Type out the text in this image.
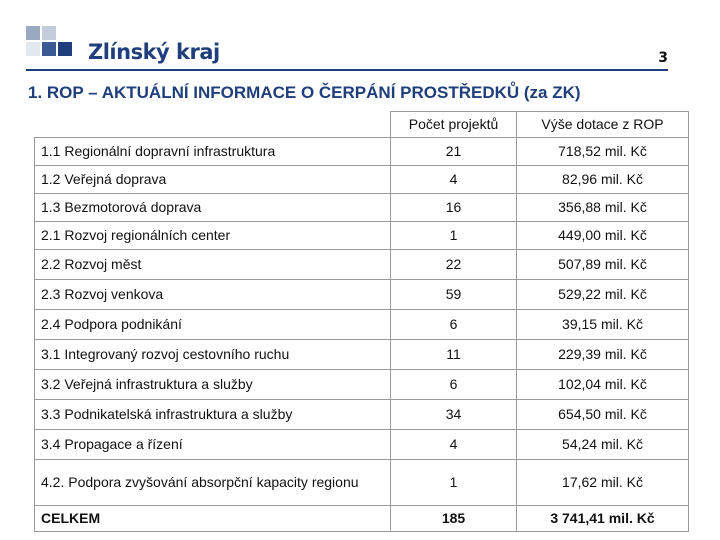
Zlínský kraj	3
1. ROP – AKTUÁLNÍ INFORMACE O ČERPÁNÍ PROSTŘEDKŮ (za ZK)
	Počet projektů	Výše dotace z ROP
1.1 Regionální dopravní infrastruktura	21	718,52 mil. Kč
1.2 Veřejná doprava	4	82,96 mil. Kč
1.3 Bezmotorová doprava	16	356,88 mil. Kč
2.1 Rozvoj regionálních center	1	449,00 mil. Kč
2.2 Rozvoj měst	22	507,89 mil. Kč
2.3 Rozvoj venkova	59	529,22 mil. Kč
2.4 Podpora podnikání	6	39,15 mil. Kč
3.1 Integrovaný rozvoj cestovního ruchu	11	229,39 mil. Kč
3.2 Veřejná infrastruktura a služby	6	102,04 mil. Kč
3.3 Podnikatelská infrastruktura a služby	34	654,50 mil. Kč
3.4 Propagace a řízení	4	54,24 mil. Kč
4.2. Podpora zvyšování absorpční kapacity regionu	1	17,62 mil. Kč
CELKEM	185	3 741,41 mil. Kč
